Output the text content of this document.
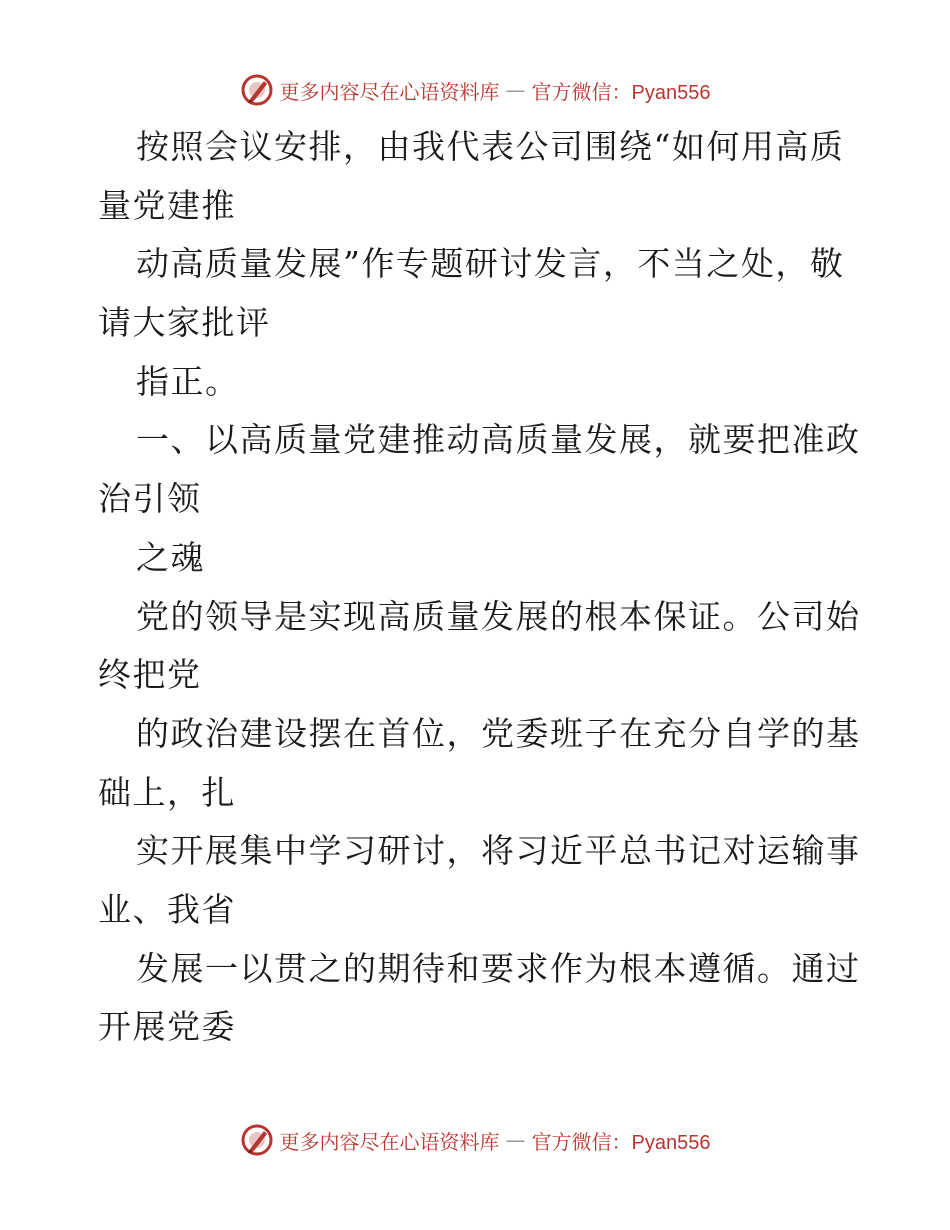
更多内容尽在心语资料库 — 官方微信：Pyan556
按照会议安排，由我代表公司围绕“如何用高质
量党建推
动高质量发展”作专题研讨发言，不当之处，敬
请大家批评
指正。
一、以高质量党建推动高质量发展，就要把准政
治引领
之魂
党的领导是实现高质量发展的根本保证。公司始
终把党
的政治建设摆在首位，党委班子在充分自学的基
础上，扎
实开展集中学习研讨，将习近平总书记对运输事
业、我省
发展一以贯之的期待和要求作为根本遵循。通过
开展党委
更多内容尽在心语资料库 — 官方微信：Pyan556
